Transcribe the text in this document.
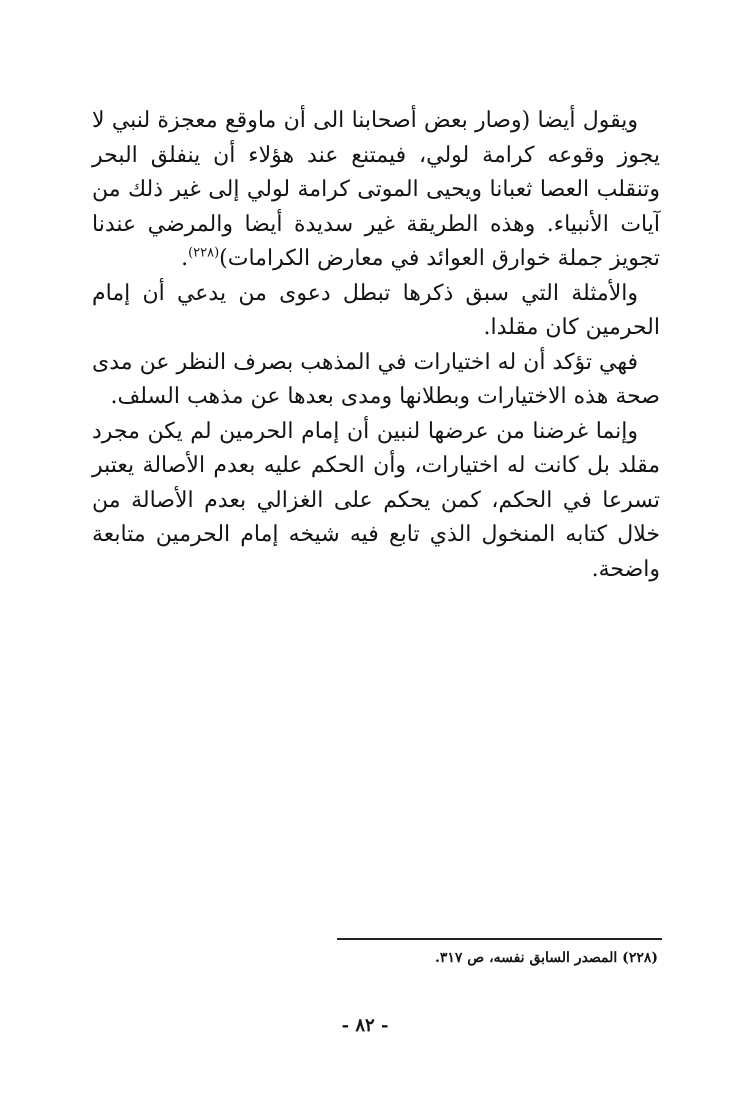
ويقول أيضا (وصار بعض أصحابنا الى أن ماوقع معجزة لنبي لا يجوز وقوعه كرامة لولي، فيمتنع عند هؤلاء أن ينفلق البحر وتنقلب العصا ثعبانا ويحيى الموتى كرامة لولي إلى غير ذلك من آيات الأنبياء. وهذه الطريقة غير سديدة أيضا والمرضي عندنا تجويز جملة خوارق العوائد في معارض الكرامات)$^{(٢٢٨)}$.

والأمثلة التي سبق ذكرها تبطل دعوى من يدعي أن إمام الحرمين كان مقلدا.

فهي تؤكد أن له اختيارات في المذهب بصرف النظر عن مدى صحة هذه الاختيارات وبطلانها ومدى بعدها عن مذهب السلف.

وإنما غرضنا من عرضها لنبين أن إمام الحرمين لم يكن مجرد مقلد بل كانت له اختيارات، وأن الحكم عليه بعدم الأصالة يعتبر تسرعا في الحكم، كمن يحكم على الغزالي بعدم الأصالة من خلال كتابه المنخول الذي تابع فيه شيخه إمام الحرمين متابعة واضحة.

(٢٢٨) المصدر السابق نفسه، ص ٣١٧.
- ٨٢ -
